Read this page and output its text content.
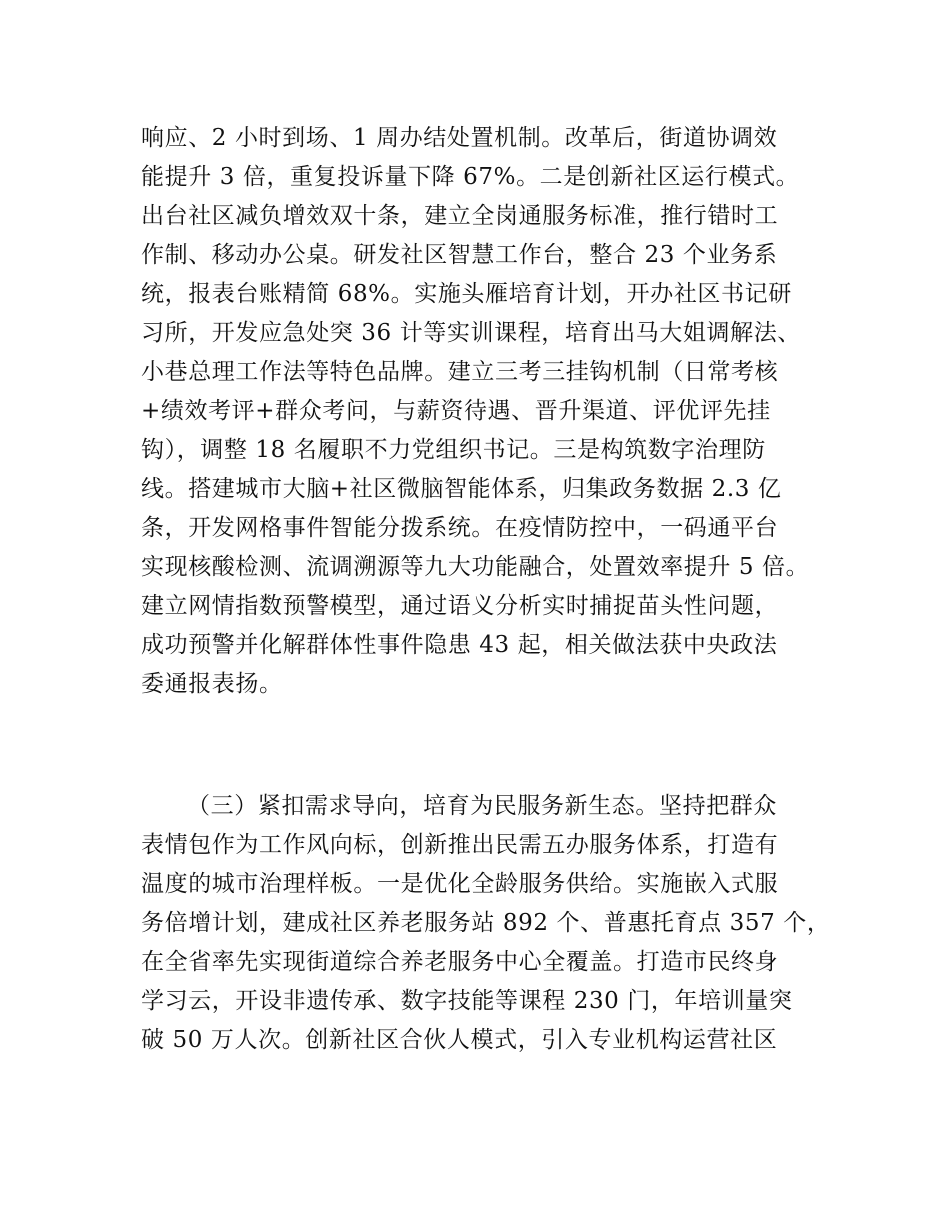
响应、2 小时到场、1 周办结处置机制。改革后，街道协调效
能提升 3 倍，重复投诉量下降 67%。二是创新社区运行模式。
出台社区减负增效双十条，建立全岗通服务标准，推行错时工
作制、移动办公桌。研发社区智慧工作台，整合 23 个业务系
统，报表台账精简 68%。实施头雁培育计划，开办社区书记研
习所，开发应急处突 36 计等实训课程，培育出马大姐调解法、
小巷总理工作法等特色品牌。建立三考三挂钩机制（日常考核
+绩效考评+群众考问，与薪资待遇、晋升渠道、评优评先挂
钩），调整 18 名履职不力党组织书记。三是构筑数字治理防
线。搭建城市大脑+社区微脑智能体系，归集政务数据 2.3 亿
条，开发网格事件智能分拨系统。在疫情防控中，一码通平台
实现核酸检测、流调溯源等九大功能融合，处置效率提升 5 倍。
建立网情指数预警模型，通过语义分析实时捕捉苗头性问题，
成功预警并化解群体性事件隐患 43 起，相关做法获中央政法
委通报表扬。
（三）紧扣需求导向，培育为民服务新生态。坚持把群众
表情包作为工作风向标，创新推出民需五办服务体系，打造有
温度的城市治理样板。一是优化全龄服务供给。实施嵌入式服
务倍增计划，建成社区养老服务站 892 个、普惠托育点 357 个，
在全省率先实现街道综合养老服务中心全覆盖。打造市民终身
学习云，开设非遗传承、数字技能等课程 230 门，年培训量突
破 50 万人次。创新社区合伙人模式，引入专业机构运营社区
